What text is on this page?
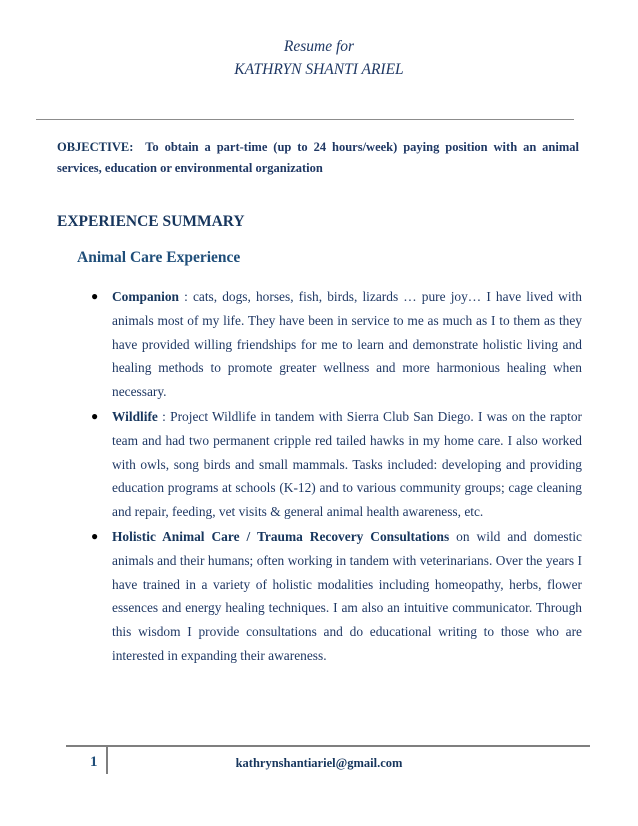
Resume for
KATHRYN SHANTI ARIEL
OBJECTIVE: To obtain a part-time (up to 24 hours/week) paying position with an animal services, education or environmental organization
EXPERIENCE SUMMARY
Animal Care Experience
● Companion : cats, dogs, horses, fish, birds, lizards … pure joy… I have lived with animals most of my life. They have been in service to me as much as I to them as they have provided willing friendships for me to learn and demonstrate holistic living and healing methods to promote greater wellness and more harmonious healing when necessary.
● Wildlife : Project Wildlife in tandem with Sierra Club San Diego. I was on the raptor team and had two permanent cripple red tailed hawks in my home care. I also worked with owls, song birds and small mammals. Tasks included: developing and providing education programs at schools (K-12) and to various community groups; cage cleaning and repair, feeding, vet visits & general animal health awareness, etc.
● Holistic Animal Care / Trauma Recovery Consultations on wild and domestic animals and their humans; often working in tandem with veterinarians. Over the years I have trained in a variety of holistic modalities including homeopathy, herbs, flower essences and energy healing techniques. I am also an intuitive communicator. Through this wisdom I provide consultations and do educational writing to those who are interested in expanding their awareness.
1	kathrynshantiariel@gmail.com
